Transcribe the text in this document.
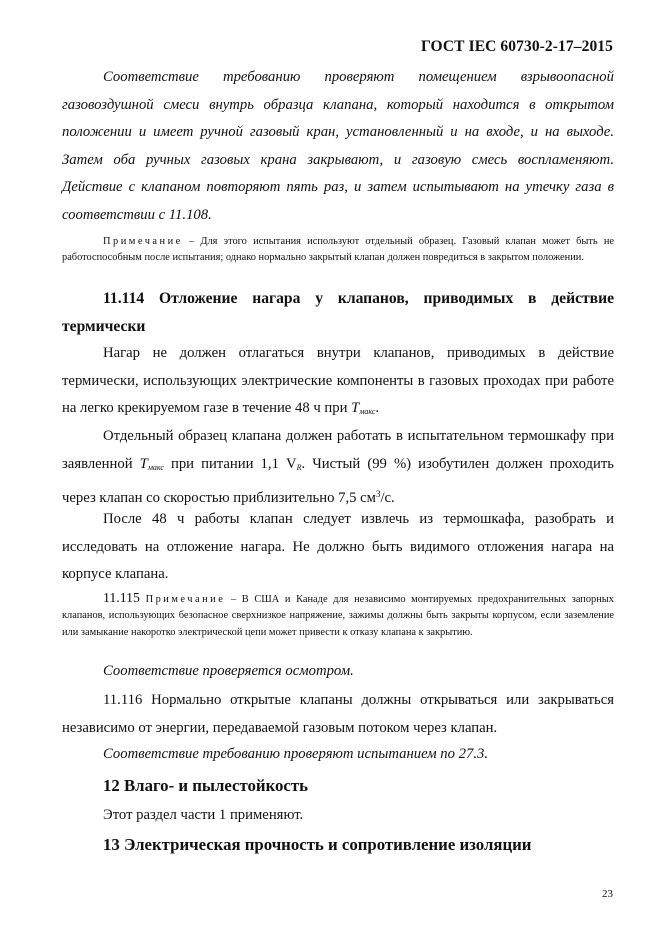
ГОСТ IEC 60730-2-17–2015

Соответствие требованию проверяют помещением взрывоопасной газовоздушной смеси внутрь образца клапана, который находится в открытом положении и имеет ручной газовый кран, установленный и на входе, и на выходе. Затем оба ручных газовых крана закрывают, и газовую смесь воспламеняют. Действие с клапаном повторяют пять раз, и затем испытывают на утечку газа в соответствии с 11.108.

Примечание – Для этого испытания используют отдельный образец. Газовый клапан может быть не работоспособным после испытания; однако нормально закрытый клапан должен повредиться в закрытом положении.

11.114 Отложение нагара у клапанов, приводимых в действие термически

Нагар не должен отлагаться внутри клапанов, приводимых в действие термически, использующих электрические компоненты в газовых проходах при работе на легко крекируемом газе в течение 48 ч при $T_{макс}$.

Отдельный образец клапана должен работать в испытательном термошкафу при заявленной $T_{макс}$ при питании 1,1 $V_R$. Чистый (99 %) изобутилен должен проходить через клапан со скоростью приблизительно 7,5 $см^3/с$.

После 48 ч работы клапан следует извлечь из термошкафа, разобрать и исследовать на отложение нагара. Не должно быть видимого отложения нагара на корпусе клапана.

11.115 Примечание – В США и Канаде для независимо монтируемых предохранительных запорных клапанов, использующих безопасное сверхнизкое напряжение, зажимы должны быть закрыты корпусом, если заземление или замыкание накоротко электрической цепи может привести к отказу клапана к закрытию.

Соответствие проверяется осмотром.

11.116 Нормально открытые клапаны должны открываться или закрываться независимо от энергии, передаваемой газовым потоком через клапан.

Соответствие требованию проверяют испытанием по 27.3.

12 Влаго- и пылестойкость

Этот раздел части 1 применяют.

13 Электрическая прочность и сопротивление изоляции

23
